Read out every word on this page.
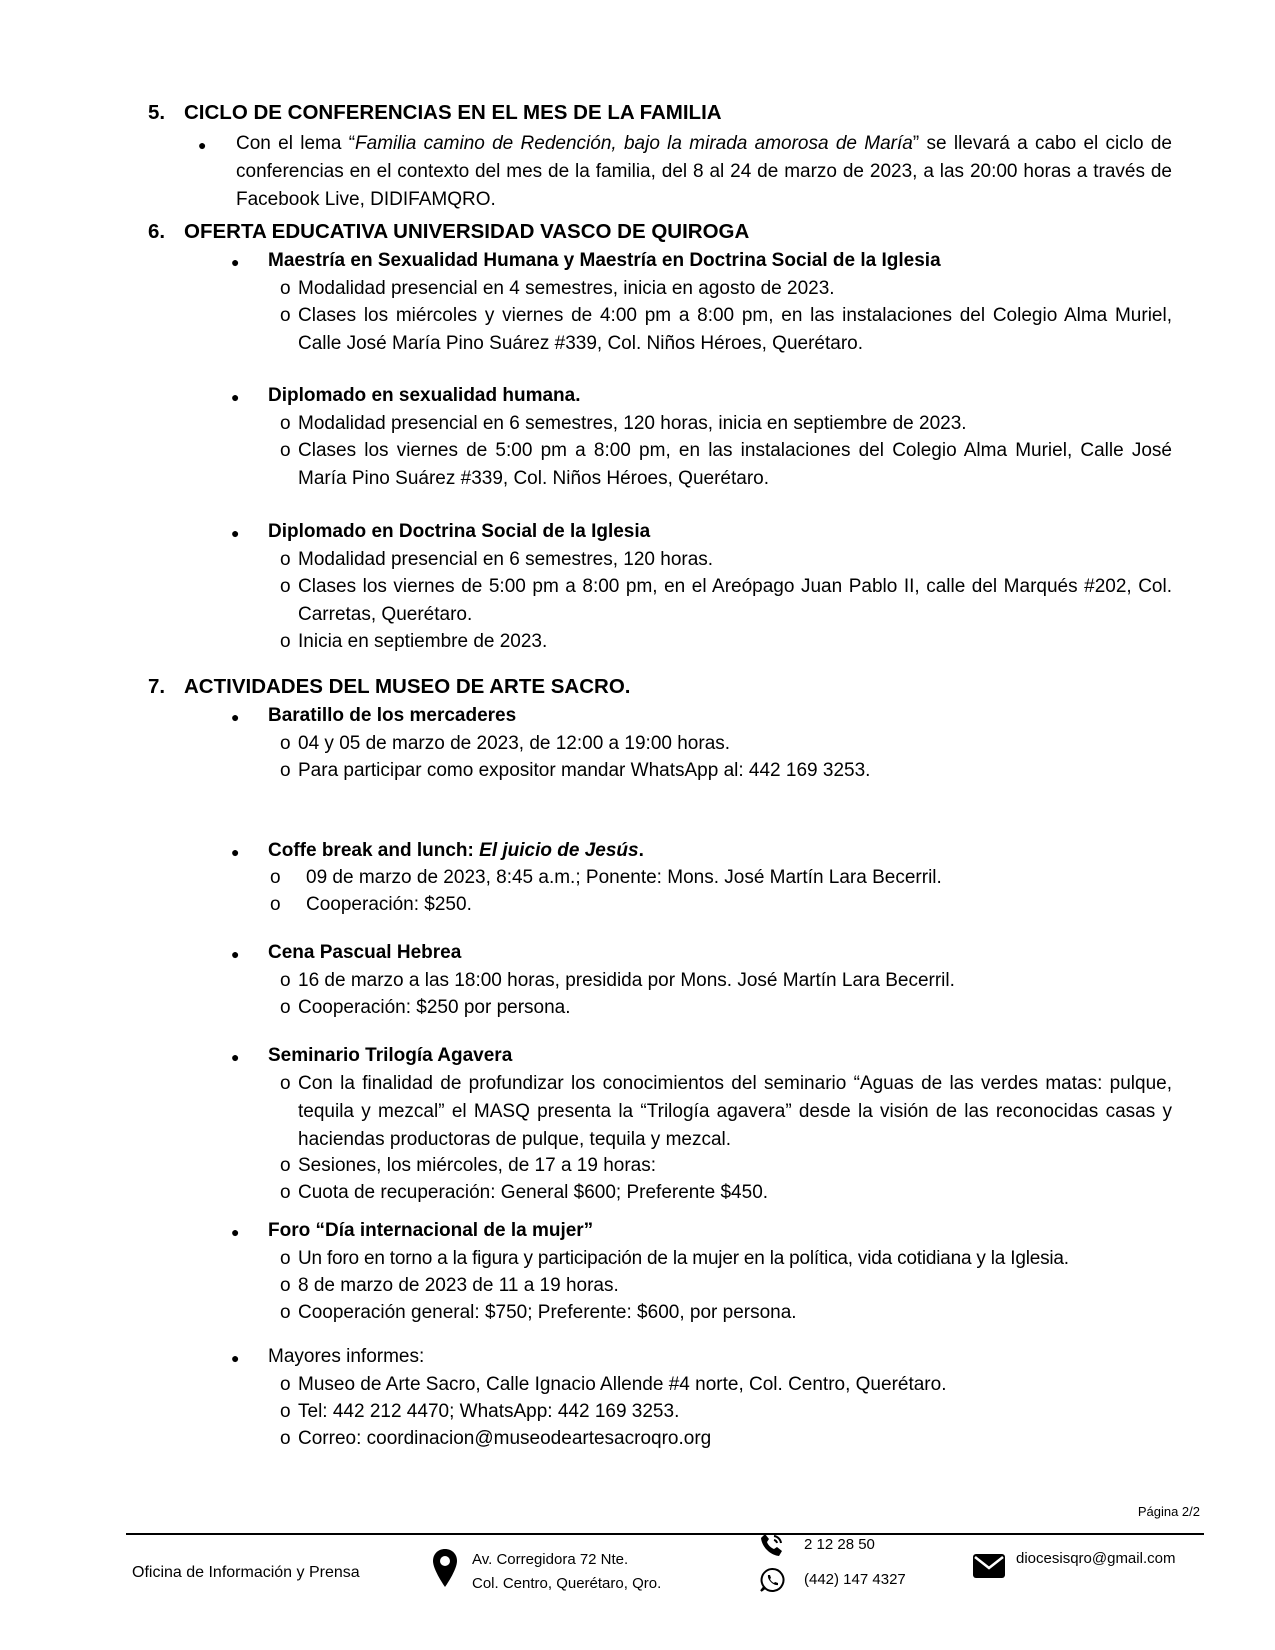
5. CICLO DE CONFERENCIAS EN EL MES DE LA FAMILIA
● Con el lema “Familia camino de Redención, bajo la mirada amorosa de María” se llevará a cabo el ciclo de conferencias en el contexto del mes de la familia, del 8 al 24 de marzo de 2023, a las 20:00 horas a través de Facebook Live, DIDIFAMQRO.
6. OFERTA EDUCATIVA UNIVERSIDAD VASCO DE QUIROGA
● Maestría en Sexualidad Humana y Maestría en Doctrina Social de la Iglesia
o Modalidad presencial en 4 semestres, inicia en agosto de 2023.
o Clases los miércoles y viernes de 4:00 pm a 8:00 pm, en las instalaciones del Colegio Alma Muriel, Calle José María Pino Suárez #339, Col. Niños Héroes, Querétaro.
● Diplomado en sexualidad humana.
o Modalidad presencial en 6 semestres, 120 horas, inicia en septiembre de 2023.
o Clases los viernes de 5:00 pm a 8:00 pm, en las instalaciones del Colegio Alma Muriel, Calle José María Pino Suárez #339, Col. Niños Héroes, Querétaro.
● Diplomado en Doctrina Social de la Iglesia
o Modalidad presencial en 6 semestres, 120 horas.
o Clases los viernes de 5:00 pm a 8:00 pm, en el Areópago Juan Pablo II, calle del Marqués #202, Col. Carretas, Querétaro.
o Inicia en septiembre de 2023.
7. ACTIVIDADES DEL MUSEO DE ARTE SACRO.
● Baratillo de los mercaderes
o 04 y 05 de marzo de 2023, de 12:00 a 19:00 horas.
o Para participar como expositor mandar WhatsApp al: 442 169 3253.
● Coffe break and lunch: El juicio de Jesús.
o	09 de marzo de 2023, 8:45 a.m.; Ponente: Mons. José Martín Lara Becerril.
o	Cooperación: $250.
● Cena Pascual Hebrea
o 16 de marzo a las 18:00 horas, presidida por Mons. José Martín Lara Becerril.
o Cooperación: $250 por persona.
● Seminario Trilogía Agavera
o Con la finalidad de profundizar los conocimientos del seminario “Aguas de las verdes matas: pulque, tequila y mezcal” el MASQ presenta la “Trilogía agavera” desde la visión de las reconocidas casas y haciendas productoras de pulque, tequila y mezcal.
o Sesiones, los miércoles, de 17 a 19 horas:
o Cuota de recuperación: General $600; Preferente $450.
● Foro “Día internacional de la mujer”
o Un foro en torno a la figura y participación de la mujer en la política, vida cotidiana y la Iglesia.
o 8 de marzo de 2023 de 11 a 19 horas.
o Cooperación general: $750; Preferente: $600, por persona.
● Mayores informes:
o Museo de Arte Sacro, Calle Ignacio Allende #4 norte, Col. Centro, Querétaro.
o Tel: 442 212 4470; WhatsApp: 442 169 3253.
o Correo: coordinacion@museodeartesacroqro.org
Página 2/2
Oficina de Información y Prensa
Av. Corregidora 72 Nte.
Col. Centro, Querétaro, Qro.
2 12 28 50
(442) 147 4327
diocesisqro@gmail.com
